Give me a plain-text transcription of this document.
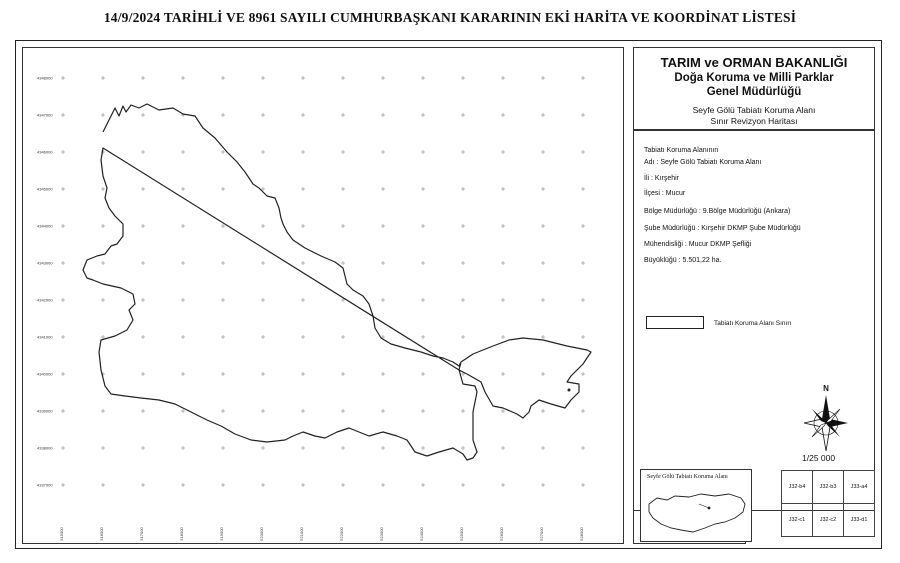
14/9/2024 TARİHLİ VE 8961 SAYILI CUMHURBAŞKANI KARARININ EKİ HARİTA VE KOORDİNAT LİSTESİ
4348000
4347000
4346000
4345000
4344000
4343000
4342000
4341000
4340000
4339000
4338000
4337000
515000	516000	517000	518000	519000	520000	521000	522000	523000	524000	525000	526000	527000	528000
TARIM ve ORMAN BAKANLIĞI
Doğa Koruma ve Milli Parklar
Genel Müdürlüğü
Seyfe Gölü Tabiatı Koruma Alanı
Sınır Revizyon Haritası
Tabiatı Koruma Alanının
Adı : Seyfe Gölü Tabiatı Koruma Alanı
İli : Kırşehir
İlçesi : Mucur
Bölge Müdürlüğü : 9.Bölge Müdürlüğü (Ankara)
Şube Müdürlüğü : Kırşehir DKMP Şube Müdürlüğü
Mühendisliği : Mucur DKMP Şefliği
Büyüklüğü : 5.501,22 ha.
Tabiatı Koruma Alanı Sınırı
N
1/25 000
Seyfe Gölü Tabiatı Koruma Alanı
J32-b4	J32-b3	J33-a4
J32-c1	J32-c2	J33-d1
